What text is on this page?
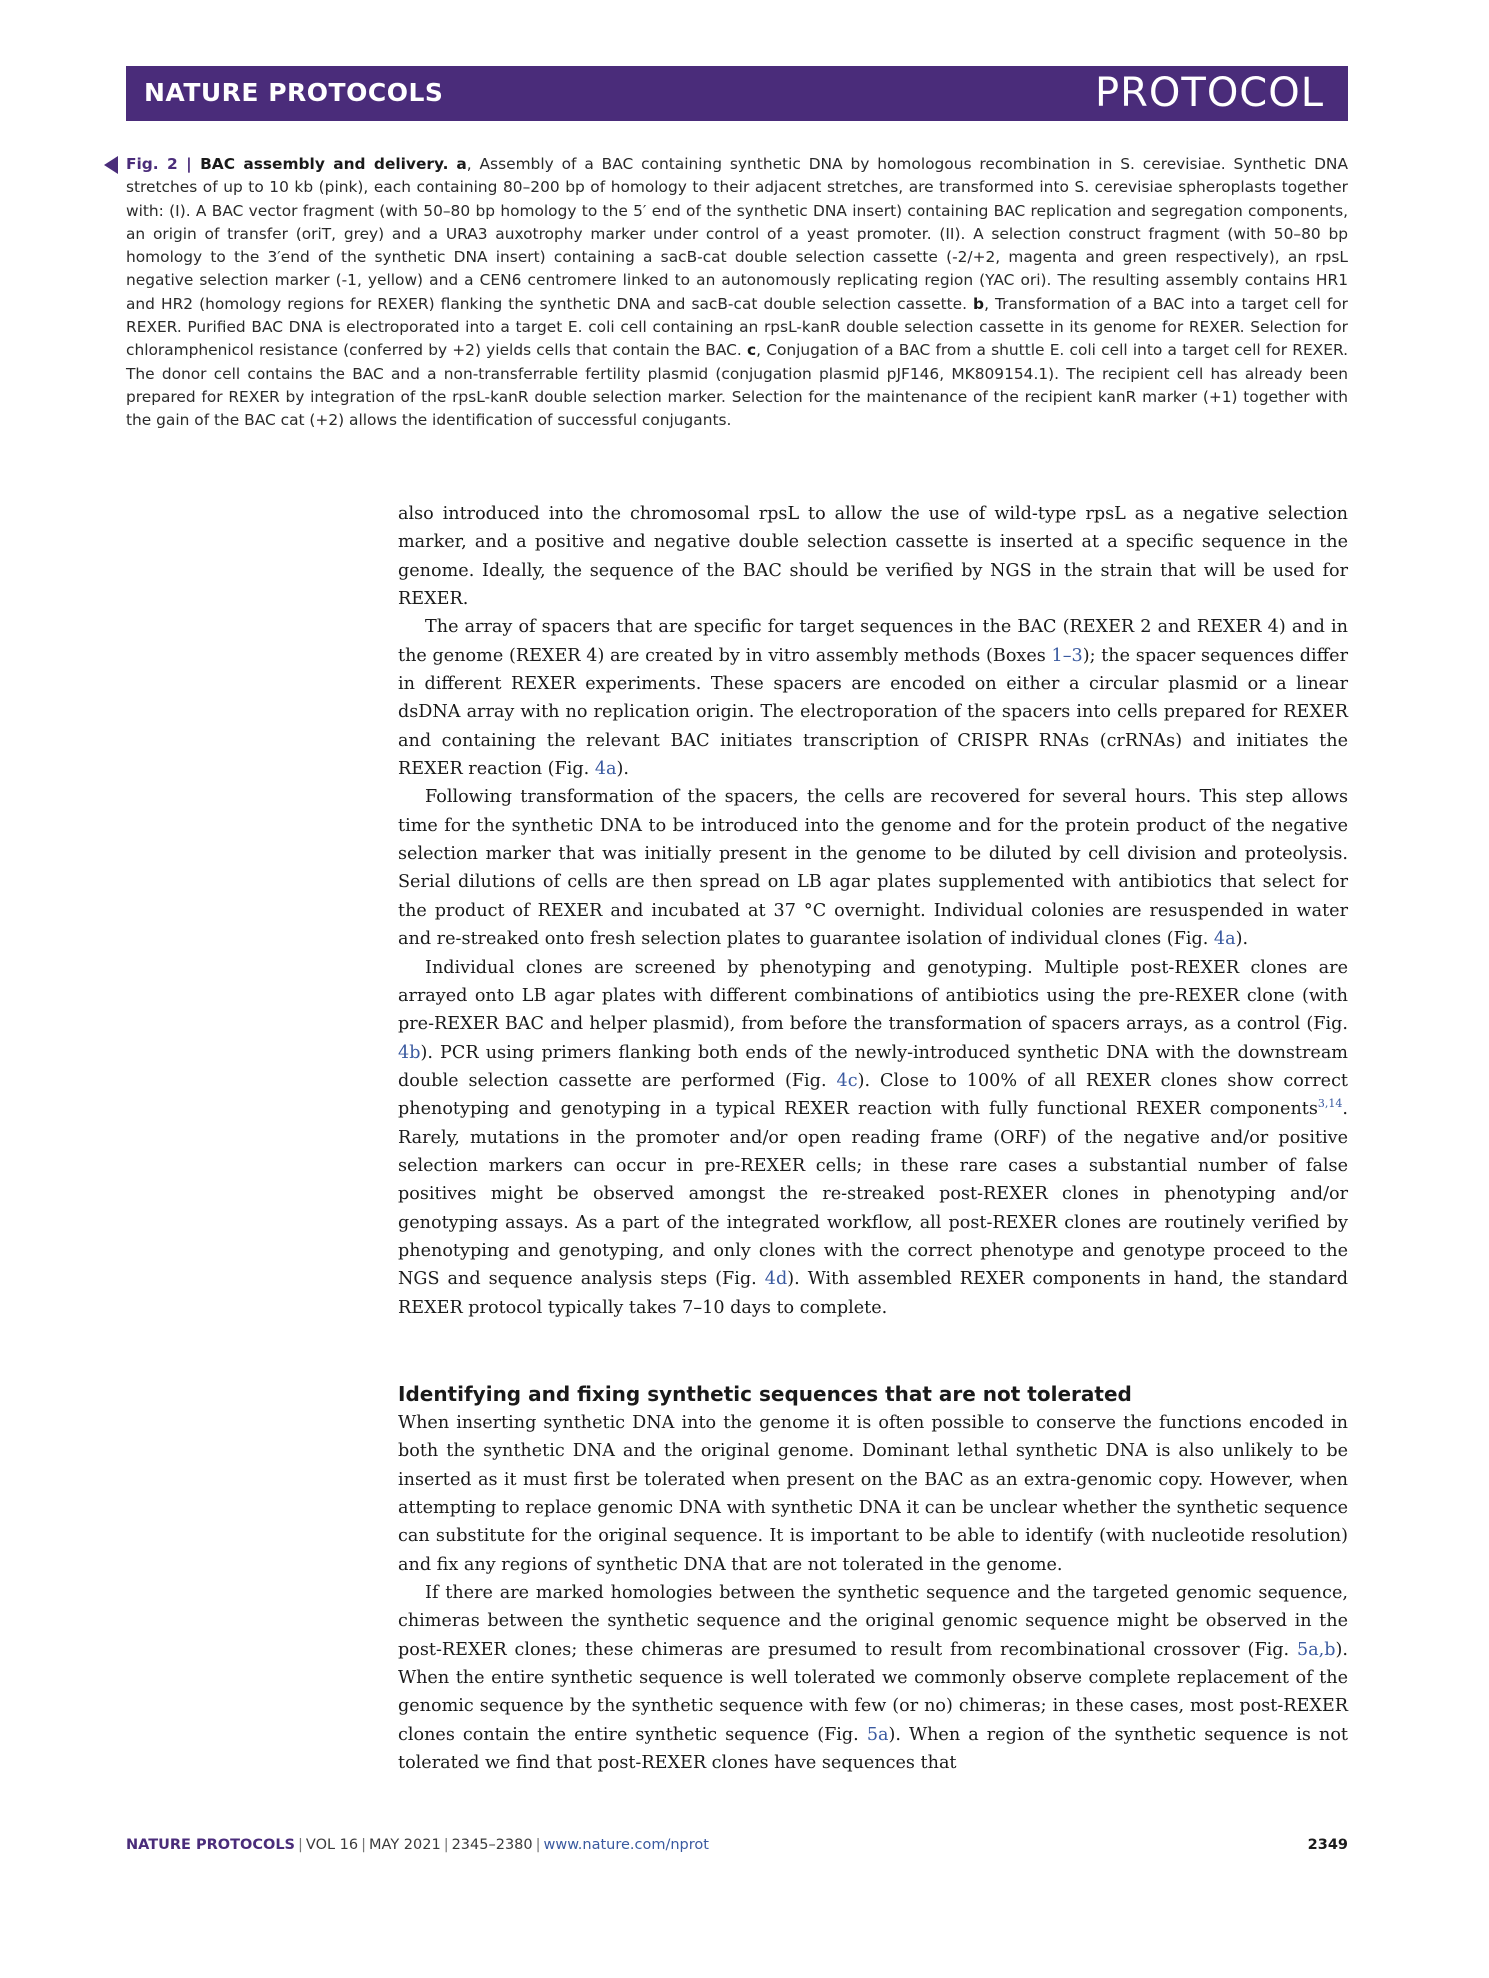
NATURE PROTOCOLS	PROTOCOL

Fig. 2 | BAC assembly and delivery. a, Assembly of a BAC containing synthetic DNA by homologous recombination in S. cerevisiae. Synthetic DNA stretches of up to 10 kb (pink), each containing 80–200 bp of homology to their adjacent stretches, are transformed into S. cerevisiae spheroplasts together with: (I). A BAC vector fragment (with 50–80 bp homology to the 5′ end of the synthetic DNA insert) containing BAC replication and segregation components, an origin of transfer (oriT, grey) and a URA3 auxotrophy marker under control of a yeast promoter. (II). A selection construct fragment (with 50–80 bp homology to the 3′end of the synthetic DNA insert) containing a sacB-cat double selection cassette (-2/+2, magenta and green respectively), an rpsL negative selection marker (-1, yellow) and a CEN6 centromere linked to an autonomously replicating region (YAC ori). The resulting assembly contains HR1 and HR2 (homology regions for REXER) flanking the synthetic DNA and sacB-cat double selection cassette. b, Transformation of a BAC into a target cell for REXER. Purified BAC DNA is electroporated into a target E. coli cell containing an rpsL-kanR double selection cassette in its genome for REXER. Selection for chloramphenicol resistance (conferred by +2) yields cells that contain the BAC. c, Conjugation of a BAC from a shuttle E. coli cell into a target cell for REXER. The donor cell contains the BAC and a non-transferrable fertility plasmid (conjugation plasmid pJF146, MK809154.1). The recipient cell has already been prepared for REXER by integration of the rpsL-kanR double selection marker. Selection for the maintenance of the recipient kanR marker (+1) together with the gain of the BAC cat (+2) allows the identification of successful conjugants.

also introduced into the chromosomal rpsL to allow the use of wild-type rpsL as a negative selection marker, and a positive and negative double selection cassette is inserted at a specific sequence in the genome. Ideally, the sequence of the BAC should be verified by NGS in the strain that will be used for REXER.

The array of spacers that are specific for target sequences in the BAC (REXER 2 and REXER 4) and in the genome (REXER 4) are created by in vitro assembly methods (Boxes 1–3); the spacer sequences differ in different REXER experiments. These spacers are encoded on either a circular plasmid or a linear dsDNA array with no replication origin. The electroporation of the spacers into cells prepared for REXER and containing the relevant BAC initiates transcription of CRISPR RNAs (crRNAs) and initiates the REXER reaction (Fig. 4a).

Following transformation of the spacers, the cells are recovered for several hours. This step allows time for the synthetic DNA to be introduced into the genome and for the protein product of the negative selection marker that was initially present in the genome to be diluted by cell division and proteolysis. Serial dilutions of cells are then spread on LB agar plates supplemented with antibiotics that select for the product of REXER and incubated at 37 °C overnight. Individual colonies are resuspended in water and re-streaked onto fresh selection plates to guarantee isolation of individual clones (Fig. 4a).

Individual clones are screened by phenotyping and genotyping. Multiple post-REXER clones are arrayed onto LB agar plates with different combinations of antibiotics using the pre-REXER clone (with pre-REXER BAC and helper plasmid), from before the transformation of spacers arrays, as a control (Fig. 4b). PCR using primers flanking both ends of the newly-introduced synthetic DNA with the downstream double selection cassette are performed (Fig. 4c). Close to 100% of all REXER clones show correct phenotyping and genotyping in a typical REXER reaction with fully functional REXER components$^{3,14}$. Rarely, mutations in the promoter and/or open reading frame (ORF) of the negative and/or positive selection markers can occur in pre-REXER cells; in these rare cases a substantial number of false positives might be observed amongst the re-streaked post-REXER clones in phenotyping and/or genotyping assays. As a part of the integrated workflow, all post-REXER clones are routinely verified by phenotyping and genotyping, and only clones with the correct phenotype and genotype proceed to the NGS and sequence analysis steps (Fig. 4d). With assembled REXER components in hand, the standard REXER protocol typically takes 7–10 days to complete.

Identifying and fixing synthetic sequences that are not tolerated

When inserting synthetic DNA into the genome it is often possible to conserve the functions encoded in both the synthetic DNA and the original genome. Dominant lethal synthetic DNA is also unlikely to be inserted as it must first be tolerated when present on the BAC as an extra-genomic copy. However, when attempting to replace genomic DNA with synthetic DNA it can be unclear whether the synthetic sequence can substitute for the original sequence. It is important to be able to identify (with nucleotide resolution) and fix any regions of synthetic DNA that are not tolerated in the genome.

If there are marked homologies between the synthetic sequence and the targeted genomic sequence, chimeras between the synthetic sequence and the original genomic sequence might be observed in the post-REXER clones; these chimeras are presumed to result from recombinational crossover (Fig. 5a,b). When the entire synthetic sequence is well tolerated we commonly observe complete replacement of the genomic sequence by the synthetic sequence with few (or no) chimeras; in these cases, most post-REXER clones contain the entire synthetic sequence (Fig. 5a). When a region of the synthetic sequence is not tolerated we find that post-REXER clones have sequences that

NATURE PROTOCOLS | VOL 16 | MAY 2021 | 2345–2380 | www.nature.com/nprot	2349
